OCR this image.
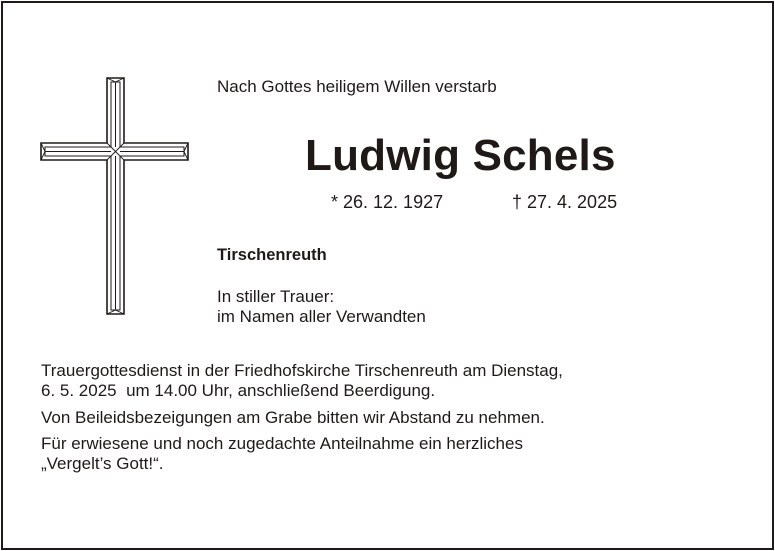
Nach Gottes heiligem Willen verstarb
Ludwig Schels
* 26. 12. 1927	† 27. 4. 2025
Tirschenreuth
In stiller Trauer:
im Namen aller Verwandten
Trauergottesdienst in der Friedhofskirche Tirschenreuth am Dienstag,
6. 5. 2025  um 14.00 Uhr, anschließend Beerdigung.
Von Beileidsbezeigungen am Grabe bitten wir Abstand zu nehmen.
Für erwiesene und noch zugedachte Anteilnahme ein herzliches
„Vergelt’s Gott!“.
